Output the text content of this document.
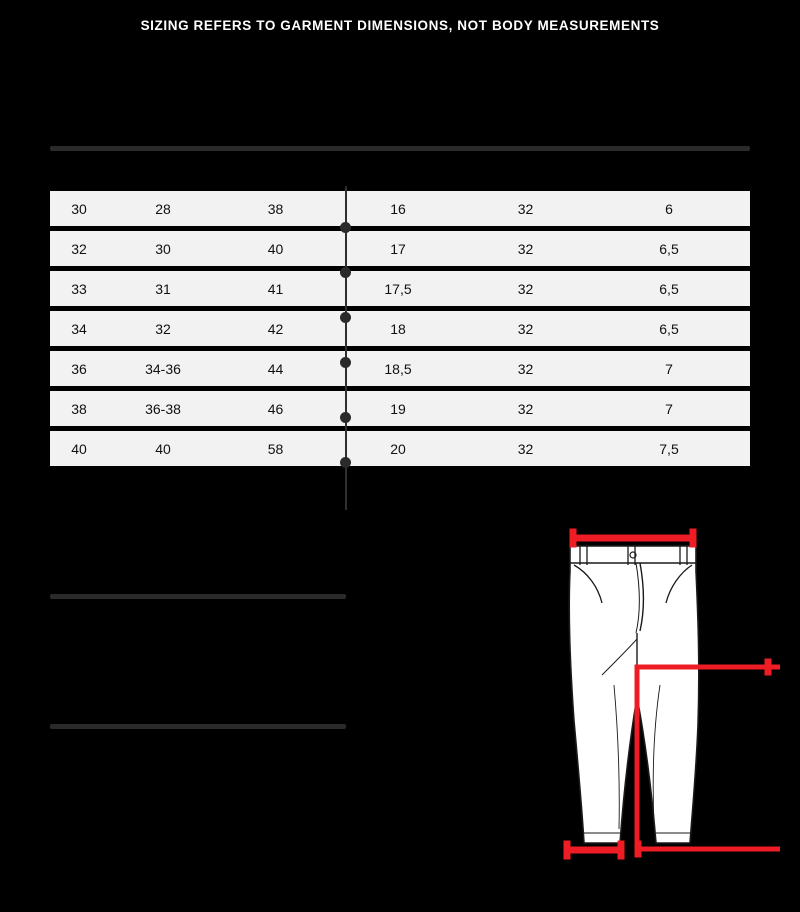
SIZING REFERS TO GARMENT DIMENSIONS, NOT BODY MEASUREMENTS
30	28	38	16	32	6
32	30	40	17	32	6,5
33	31	41	17,5	32	6,5
34	32	42	18	32	6,5
36	34-36	44	18,5	32	7
38	36-38	46	19	32	7
40	40	58	20	32	7,5
